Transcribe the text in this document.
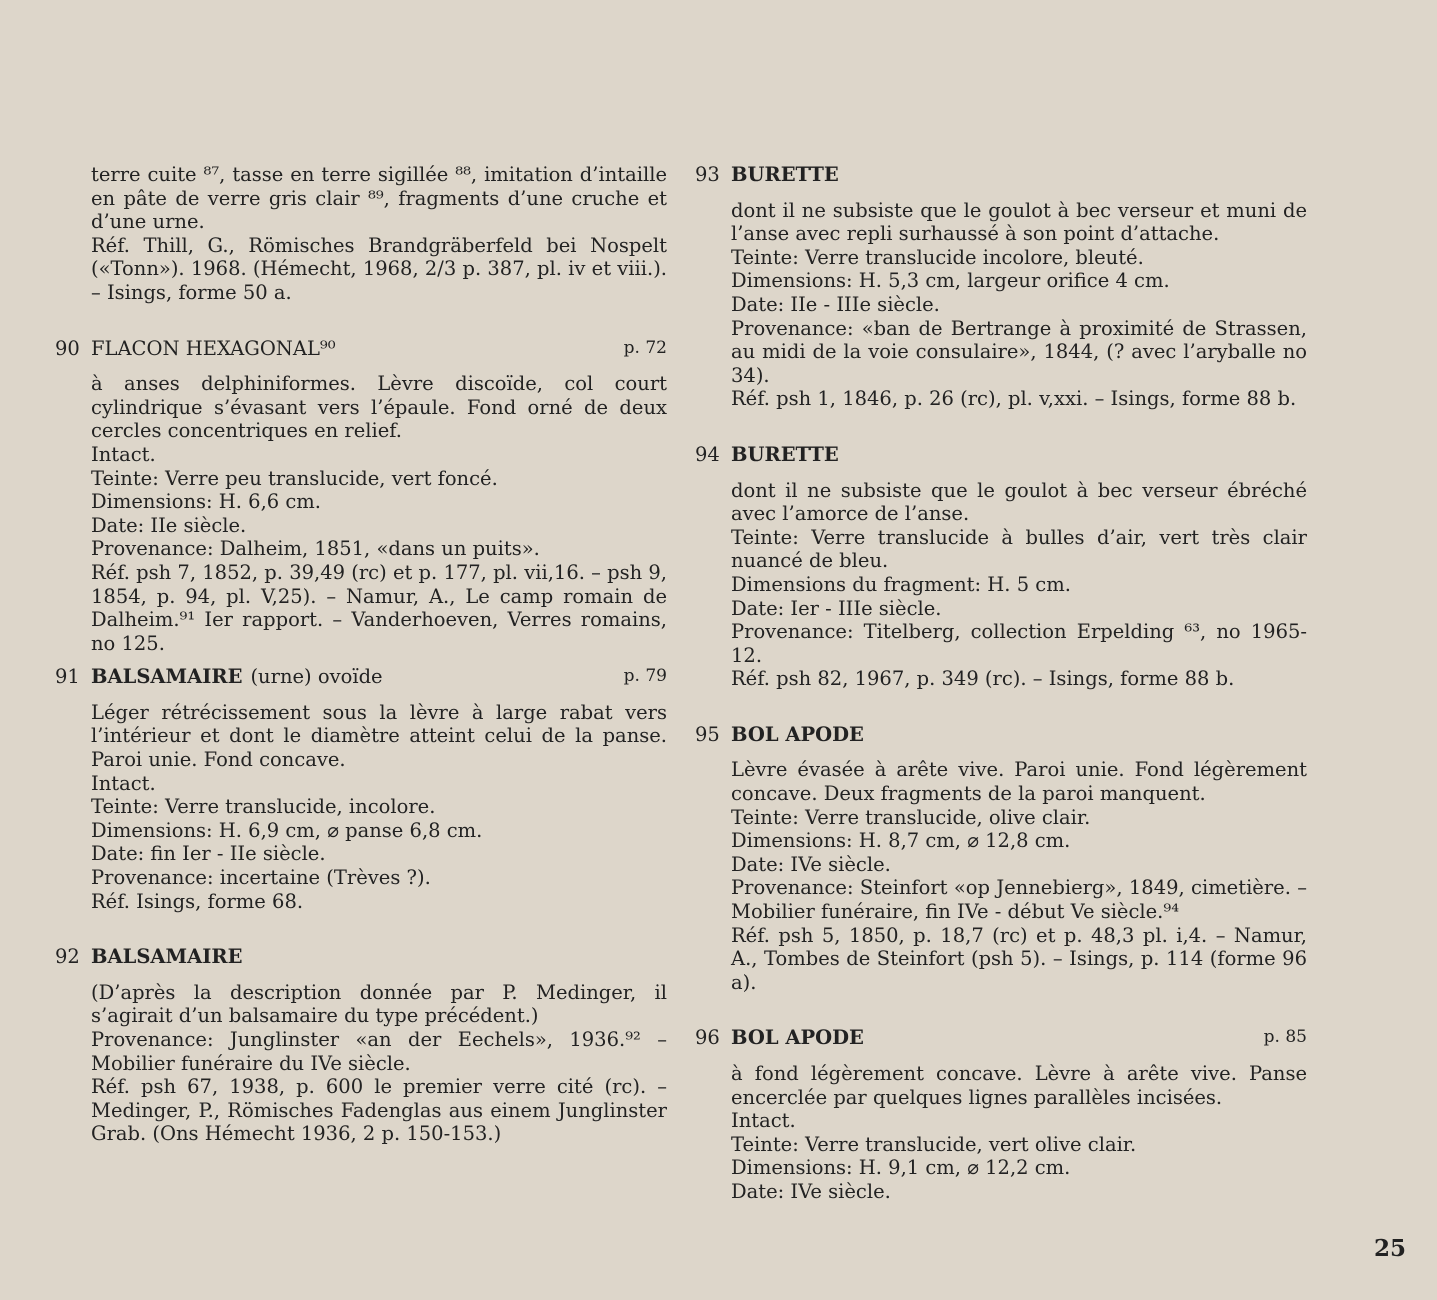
terre cuite ⁸⁷, tasse en terre sigillée ⁸⁸, imitation d’intaille en pâte de verre gris clair ⁸⁹, fragments d’une cruche et d’une urne.

Réf. Thill, G., Römisches Brandgräberfeld bei Nospelt («Tonn»). 1968. (Hémecht, 1968, 2/3 p. 387, pl. iv et viii.). – Isings, forme 50 a.

90 FLACON HEXAGONAL⁹⁰	p. 72

à anses delphiniformes. Lèvre discoïde, col court cylindrique s’évasant vers l’épaule. Fond orné de deux cercles concentriques en relief.

Intact.

Teinte: Verre peu translucide, vert foncé.

Dimensions: H. 6,6 cm.

Date: IIe siècle.

Provenance: Dalheim, 1851, «dans un puits».

Réf. psh 7, 1852, p. 39,49 (rc) et p. 177, pl. vii,16. – psh 9, 1854, p. 94, pl. V,25). – Namur, A., Le camp romain de Dalheim.⁹¹ Ier rapport. – Vanderhoeven, Verres romains, no 125.

91 BALSAMAIRE (urne) ovoïde	p. 79

Léger rétrécissement sous la lèvre à large rabat vers l’intérieur et dont le diamètre atteint celui de la panse. Paroi unie. Fond concave.

Intact.

Teinte: Verre translucide, incolore.

Dimensions: H. 6,9 cm, ⌀ panse 6,8 cm.

Date: fin Ier - IIe siècle.

Provenance: incertaine (Trèves ?).

Réf. Isings, forme 68.

92 BALSAMAIRE

(D’après la description donnée par P. Medinger, il s’agirait d’un balsamaire du type précédent.)

Provenance: Junglinster «an der Eechels», 1936.⁹² – Mobilier funéraire du IVe siècle.

Réf. psh 67, 1938, p. 600 le premier verre cité (rc). – Medinger, P., Römisches Fadenglas aus einem Junglinster Grab. (Ons Hémecht 1936, 2 p. 150-153.)

93 BURETTE

dont il ne subsiste que le goulot à bec verseur et muni de l’anse avec repli surhaussé à son point d’attache.

Teinte: Verre translucide incolore, bleuté.

Dimensions: H. 5,3 cm, largeur orifice 4 cm.

Date: IIe - IIIe siècle.

Provenance: «ban de Bertrange à proximité de Strassen, au midi de la voie consulaire», 1844, (? avec l’aryballe no 34).

Réf. psh 1, 1846, p. 26 (rc), pl. v,xxi. – Isings, forme 88 b.

94 BURETTE

dont il ne subsiste que le goulot à bec verseur ébréché avec l’amorce de l’anse.

Teinte: Verre translucide à bulles d’air, vert très clair nuancé de bleu.

Dimensions du fragment: H. 5 cm.

Date: Ier - IIIe siècle.

Provenance: Titelberg, collection Erpelding ⁶³, no 1965-12.

Réf. psh 82, 1967, p. 349 (rc). – Isings, forme 88 b.

95 BOL APODE

Lèvre évasée à arête vive. Paroi unie. Fond légèrement concave. Deux fragments de la paroi manquent.

Teinte: Verre translucide, olive clair.

Dimensions: H. 8,7 cm, ⌀ 12,8 cm.

Date: IVe siècle.

Provenance: Steinfort «op Jennebierg», 1849, cimetière. – Mobilier funéraire, fin IVe - début Ve siècle.⁹⁴

Réf. psh 5, 1850, p. 18,7 (rc) et p. 48,3 pl. i,4. – Namur, A., Tombes de Steinfort (psh 5). – Isings, p. 114 (forme 96 a).

96 BOL APODE	p. 85

à fond légèrement concave. Lèvre à arête vive. Panse encerclée par quelques lignes parallèles incisées.

Intact.

Teinte: Verre translucide, vert olive clair.

Dimensions: H. 9,1 cm, ⌀ 12,2 cm.

Date: IVe siècle.

25
